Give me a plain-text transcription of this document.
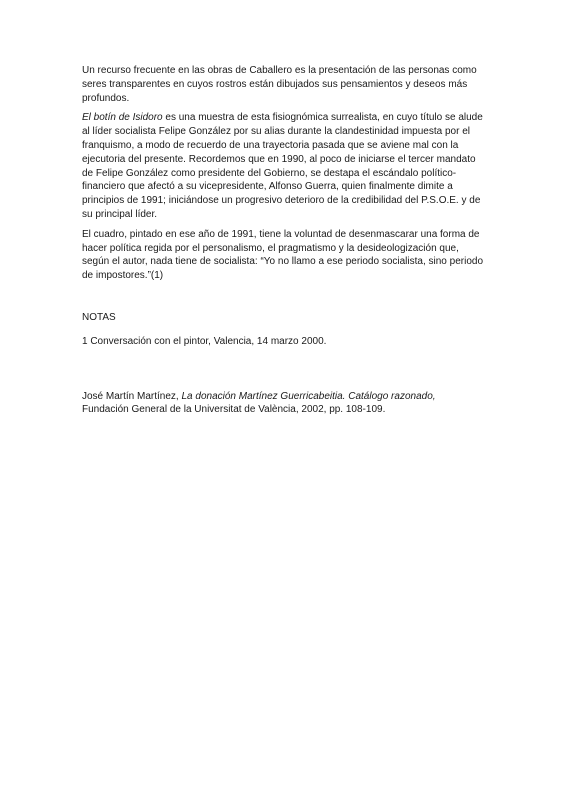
Un recurso frecuente en las obras de Caballero es la presentación de las personas como seres transparentes en cuyos rostros están dibujados sus pensamientos y deseos más profundos.

El botín de Isidoro es una muestra de esta fisiognómica surrealista, en cuyo título se alude al líder socialista Felipe González por su alias durante la clandestinidad impuesta por el franquismo, a modo de recuerdo de una trayectoria pasada que se aviene mal con la ejecutoria del presente. Recordemos que en 1990, al poco de iniciarse el tercer mandato de Felipe González como presidente del Gobierno, se destapa el escándalo político- financiero que afectó a su vicepresidente, Alfonso Guerra, quien finalmente dimite a principios de 1991; iniciándose un progresivo deterioro de la credibilidad del P.S.O.E. y de su principal líder.

El cuadro, pintado en ese año de 1991, tiene la voluntad de desenmascarar una forma de hacer política regida por el personalismo, el pragmatismo y la desideologización que, según el autor, nada tiene de socialista: “Yo no llamo a ese periodo socialista, sino periodo de impostores.”(1)

NOTAS

1 Conversación con el pintor, Valencia, 14 marzo 2000.

José Martín Martínez, La donación Martínez Guerricabeitia. Catálogo razonado, Fundación General de la Universitat de València, 2002, pp. 108-109.
